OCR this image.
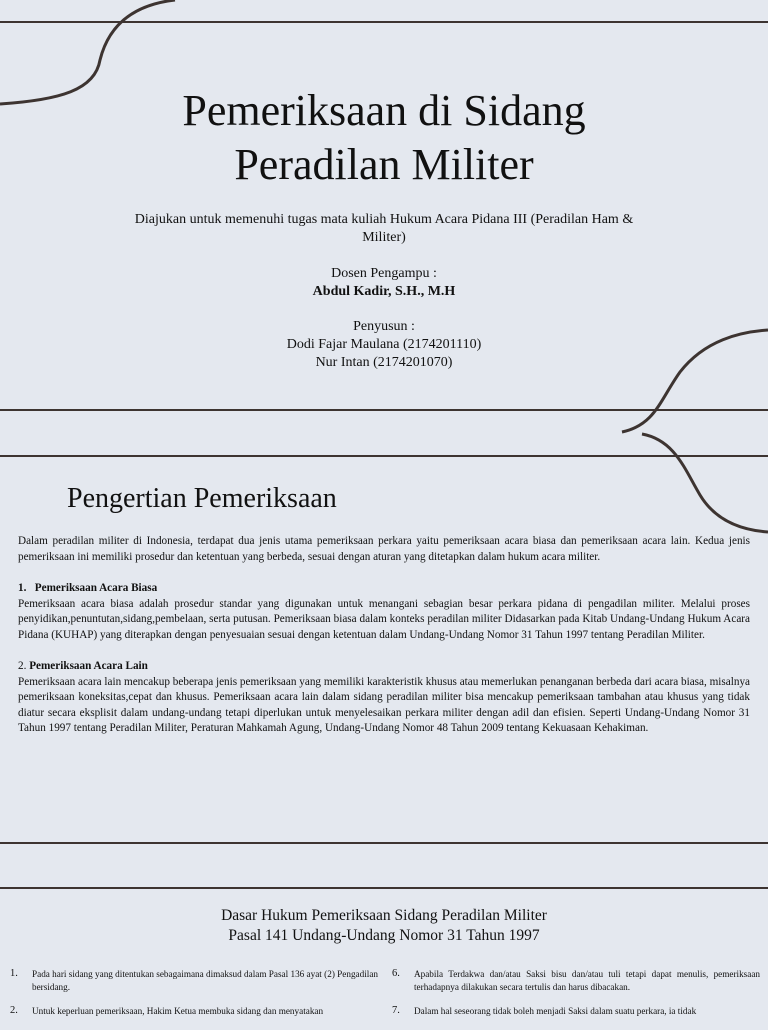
Pemeriksaan di Sidang
Peradilan Militer
Diajukan untuk memenuhi tugas mata kuliah Hukum Acara Pidana III (Peradilan Ham &
Militer)
Dosen Pengampu :
Abdul Kadir, S.H., M.H
Penyusun :
Dodi Fajar Maulana (2174201110)
Nur Intan (2174201070)
Pengertian Pemeriksaan

Dalam peradilan militer di Indonesia, terdapat dua jenis utama pemeriksaan perkara yaitu pemeriksaan acara biasa dan pemeriksaan acara lain. Kedua jenis pemeriksaan ini memiliki prosedur dan ketentuan yang berbeda, sesuai dengan aturan yang ditetapkan dalam hukum acara militer.

1. Pemeriksaan Acara Biasa

Pemeriksaan acara biasa adalah prosedur standar yang digunakan untuk menangani sebagian besar perkara pidana di pengadilan militer. Melalui proses penyidikan,penuntutan,sidang,pembelaan, serta putusan. Pemeriksaan biasa dalam konteks peradilan militer Didasarkan pada Kitab Undang-Undang Hukum Acara Pidana (KUHAP) yang diterapkan dengan penyesuaian sesuai dengan ketentuan dalam Undang-Undang Nomor 31 Tahun 1997 tentang Peradilan Militer.

2. Pemeriksaan Acara Lain

Pemeriksaan acara lain mencakup beberapa jenis pemeriksaan yang memiliki karakteristik khusus atau memerlukan penanganan berbeda dari acara biasa, misalnya pemeriksaan koneksitas,cepat dan khusus. Pemeriksaan acara lain dalam sidang peradilan militer bisa mencakup pemeriksaan tambahan atau khusus yang tidak diatur secara eksplisit dalam undang-undang tetapi diperlukan untuk menyelesaikan perkara militer dengan adil dan efisien. Seperti Undang-Undang Nomor 31 Tahun 1997 tentang Peradilan Militer, Peraturan Mahkamah Agung, Undang-Undang Nomor 48 Tahun 2009 tentang Kekuasaan Kehakiman.

Dasar Hukum Pemeriksaan Sidang Peradilan Militer
Pasal 141 Undang-Undang Nomor 31 Tahun 1997
1. Pada hari sidang yang ditentukan sebagaimana dimaksud dalam Pasal 136 ayat (2) Pengadilan bersidang.
2. Untuk keperluan pemeriksaan, Hakim Ketua membuka sidang dan menyatakan
6. Apabila Terdakwa dan/atau Saksi bisu dan/atau tuli tetapi dapat menulis, pemeriksaan terhadapnya dilakukan secara tertulis dan harus dibacakan.
7. Dalam hal seseorang tidak boleh menjadi Saksi dalam suatu perkara, ia tidak
